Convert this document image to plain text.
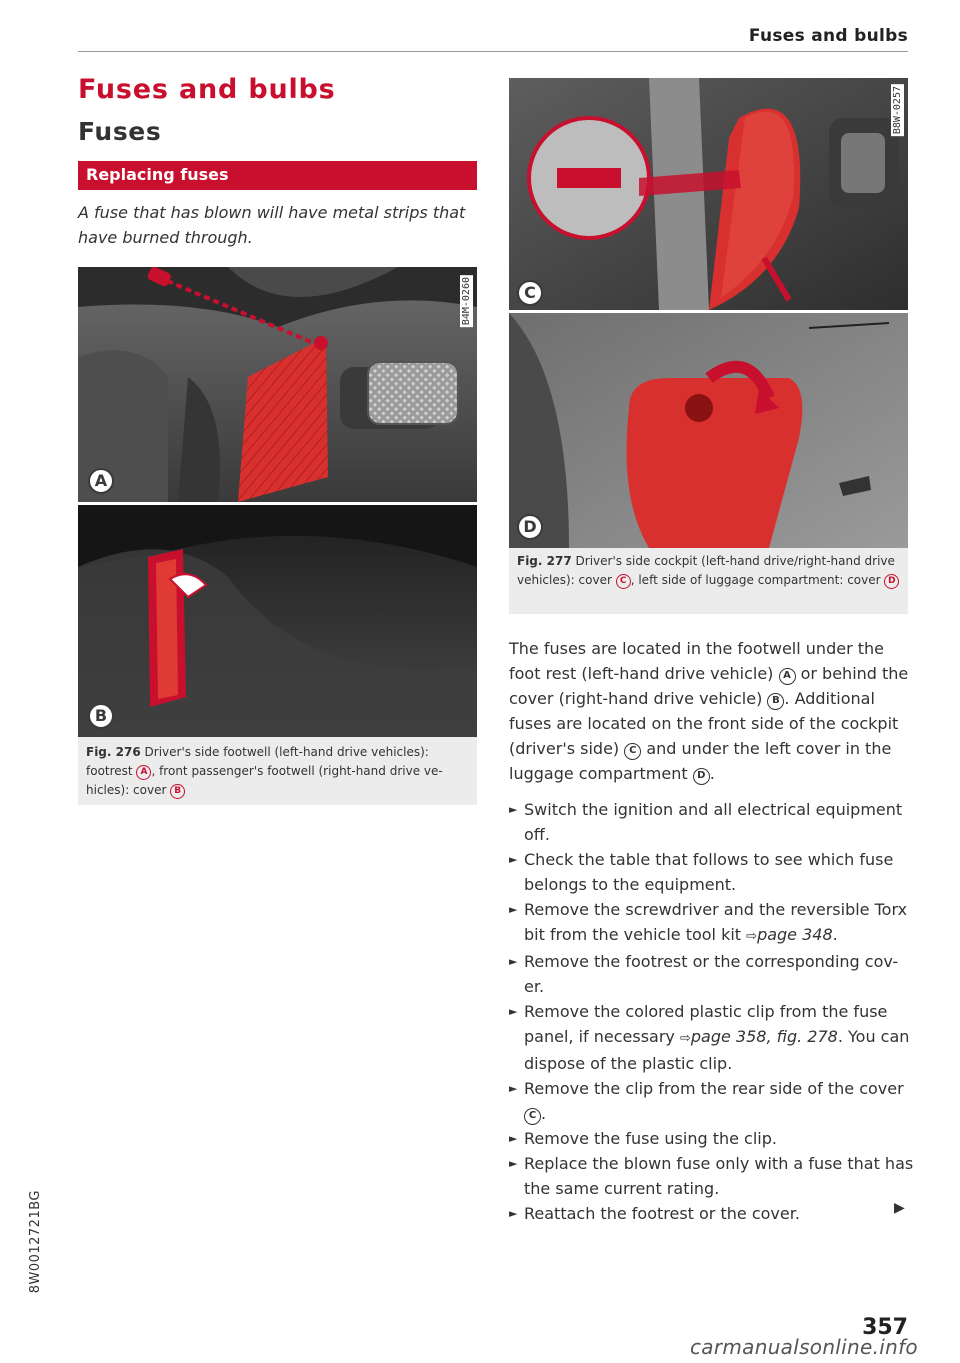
Fuses and bulbs
Fuses and bulbs
Fuses
Replacing fuses

A fuse that has blown will have metal strips that have burned through.

B4M-0260
A
B
Fig. 276 Driver's side footwell (left-hand drive vehicles): footrest A , front passenger's footwell (right-hand drive ve-hicles): cover B
B8W-0257
C
D
Fig. 277 Driver's side cockpit (left-hand drive/right-hand drive vehicles): cover C , left side of luggage compartment: cover D

The fuses are located in the footwell under the foot rest (left-hand drive vehicle) A or behind the cover (right-hand drive vehicle) B . Additional fuses are located on the front side of the cockpit (driver's side) C and under the left cover in the luggage compartment D .

► Switch the ignition and all electrical equipment off.
► Check the table that follows to see which fuse belongs to the equipment.
► Remove the screwdriver and the reversible Torx bit from the vehicle tool kit ⇨page 348.
► Remove the footrest or the corresponding cov-er.
► Remove the colored plastic clip from the fuse panel, if necessary ⇨page 358, fig. 278. You can dispose of the plastic clip.
► Remove the clip from the rear side of the cover C .
► Remove the fuse using the clip.
► Replace the blown fuse only with a fuse that has the same current rating.
► Reattach the footrest or the cover.	▶
8W0012721BG
357
carmanualsonline.info
